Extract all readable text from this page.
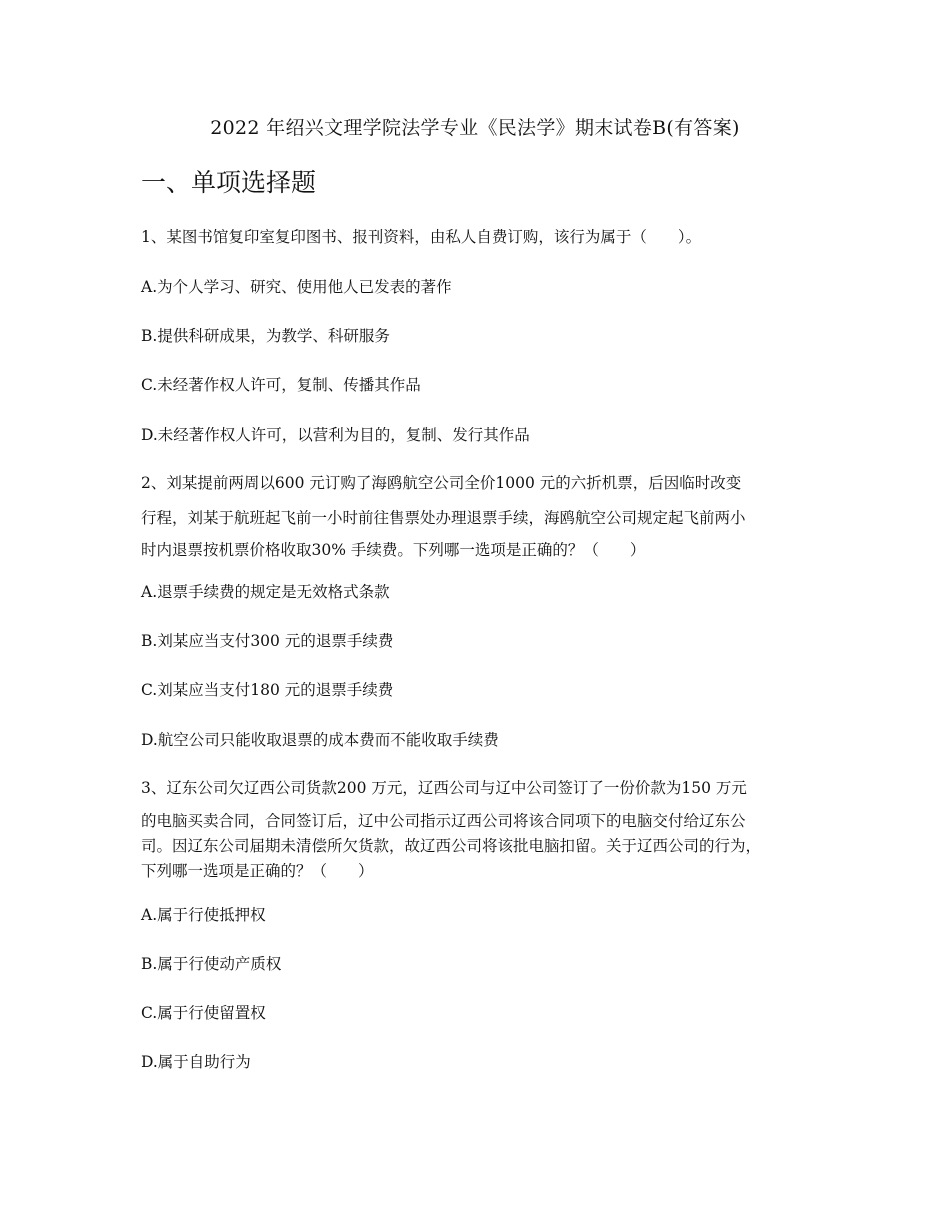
2022 年绍兴文理学院法学专业《民法学》期末试卷B(有答案)
一、单项选择题
1、某图书馆复印室复印图书、报刊资料，由私人自费订购，该行为属于（　　）。
A.为个人学习、研究、使用他人已发表的著作
B.提供科研成果，为教学、科研服务
C.未经著作权人许可，复制、传播其作品
D.未经著作权人许可，以营利为目的，复制、发行其作品
2、刘某提前两周以600 元订购了海鸥航空公司全价1000 元的六折机票，后因临时改变
行程，刘某于航班起飞前一小时前往售票处办理退票手续，海鸥航空公司规定起飞前两小
时内退票按机票价格收取30% 手续费。下列哪一选项是正确的？（　　）
A.退票手续费的规定是无效格式条款
B.刘某应当支付300 元的退票手续费
C.刘某应当支付180 元的退票手续费
D.航空公司只能收取退票的成本费而不能收取手续费
3、辽东公司欠辽西公司货款200 万元，辽西公司与辽中公司签订了一份价款为150 万元
的电脑买卖合同，合同签订后，辽中公司指示辽西公司将该合同项下的电脑交付给辽东公
司。因辽东公司届期未清偿所欠货款，故辽西公司将该批电脑扣留。关于辽西公司的行为，
下列哪一选项是正确的？（　　）
A.属于行使抵押权
B.属于行使动产质权
C.属于行使留置权
D.属于自助行为
